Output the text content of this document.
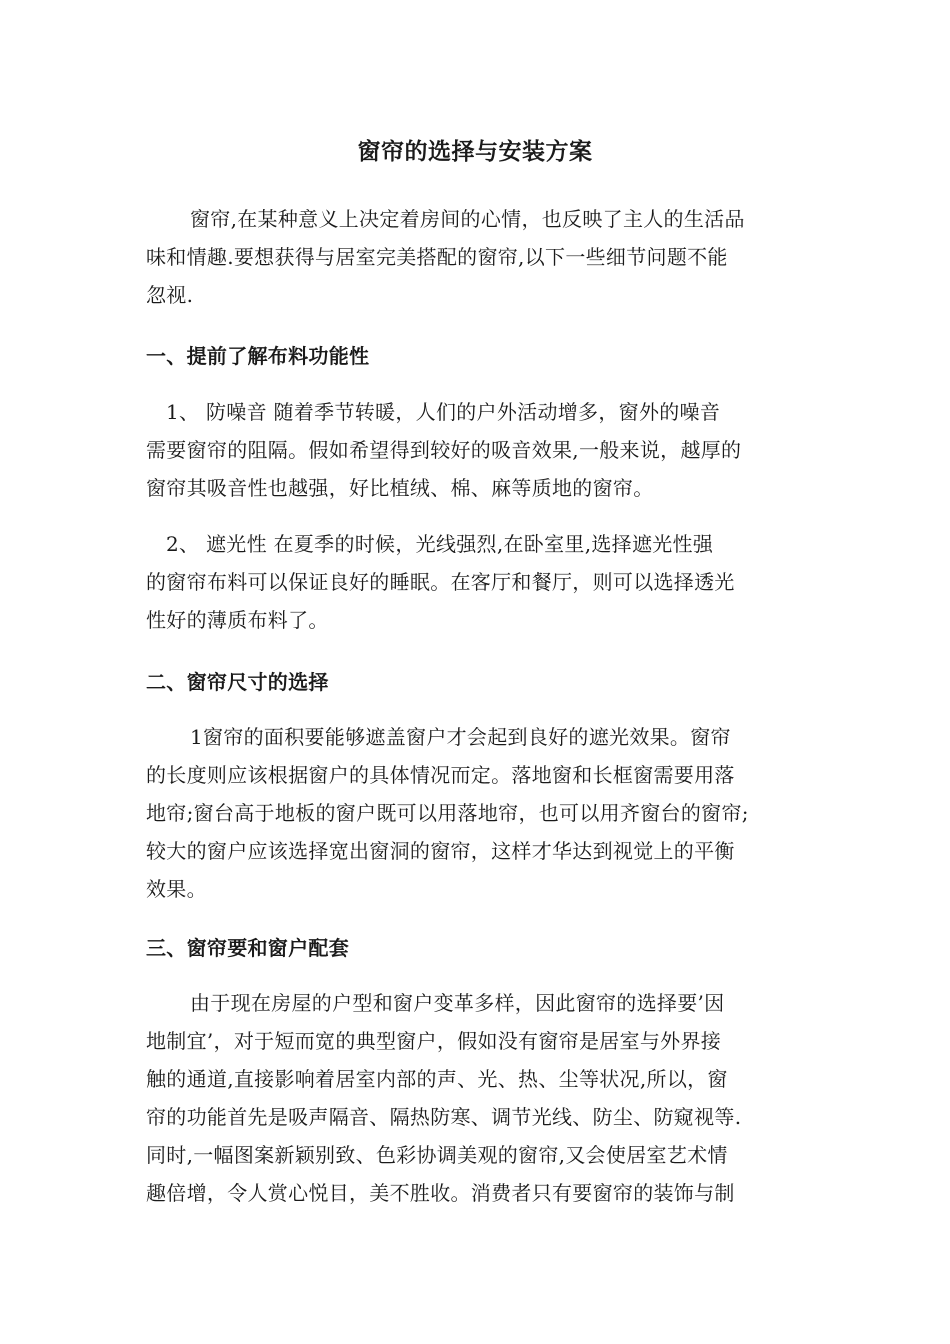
窗帘的选择与安装方案
窗帘,在某种意义上决定着房间的心情，也反映了主人的生活品
味和情趣.要想获得与居室完美搭配的窗帘,以下一些细节问题不能
忽视.
一、提前了解布料功能性
1、 防噪音 随着季节转暖，人们的户外活动增多，窗外的噪音
需要窗帘的阻隔。假如希望得到较好的吸音效果,一般来说，越厚的
窗帘其吸音性也越强，好比植绒、棉、麻等质地的窗帘。
2、 遮光性 在夏季的时候，光线强烈,在卧室里,选择遮光性强
的窗帘布料可以保证良好的睡眠。在客厅和餐厅，则可以选择透光
性好的薄质布料了。
二、窗帘尺寸的选择
1窗帘的面积要能够遮盖窗户才会起到良好的遮光效果。窗帘
的长度则应该根据窗户的具体情况而定。落地窗和长框窗需要用落
地帘;窗台高于地板的窗户既可以用落地帘，也可以用齐窗台的窗帘;
较大的窗户应该选择宽出窗洞的窗帘，这样才华达到视觉上的平衡
效果。
三、窗帘要和窗户配套
由于现在房屋的户型和窗户变革多样，因此窗帘的选择要’因
地制宜’，对于短而宽的典型窗户，假如没有窗帘是居室与外界接
触的通道,直接影响着居室内部的声、光、热、尘等状况,所以，窗
帘的功能首先是吸声隔音、隔热防寒、调节光线、防尘、防窥视等.
同时,一幅图案新颖别致、色彩协调美观的窗帘,又会使居室艺术情
趣倍增，令人赏心悦目，美不胜收。消费者只有要窗帘的装饰与制
